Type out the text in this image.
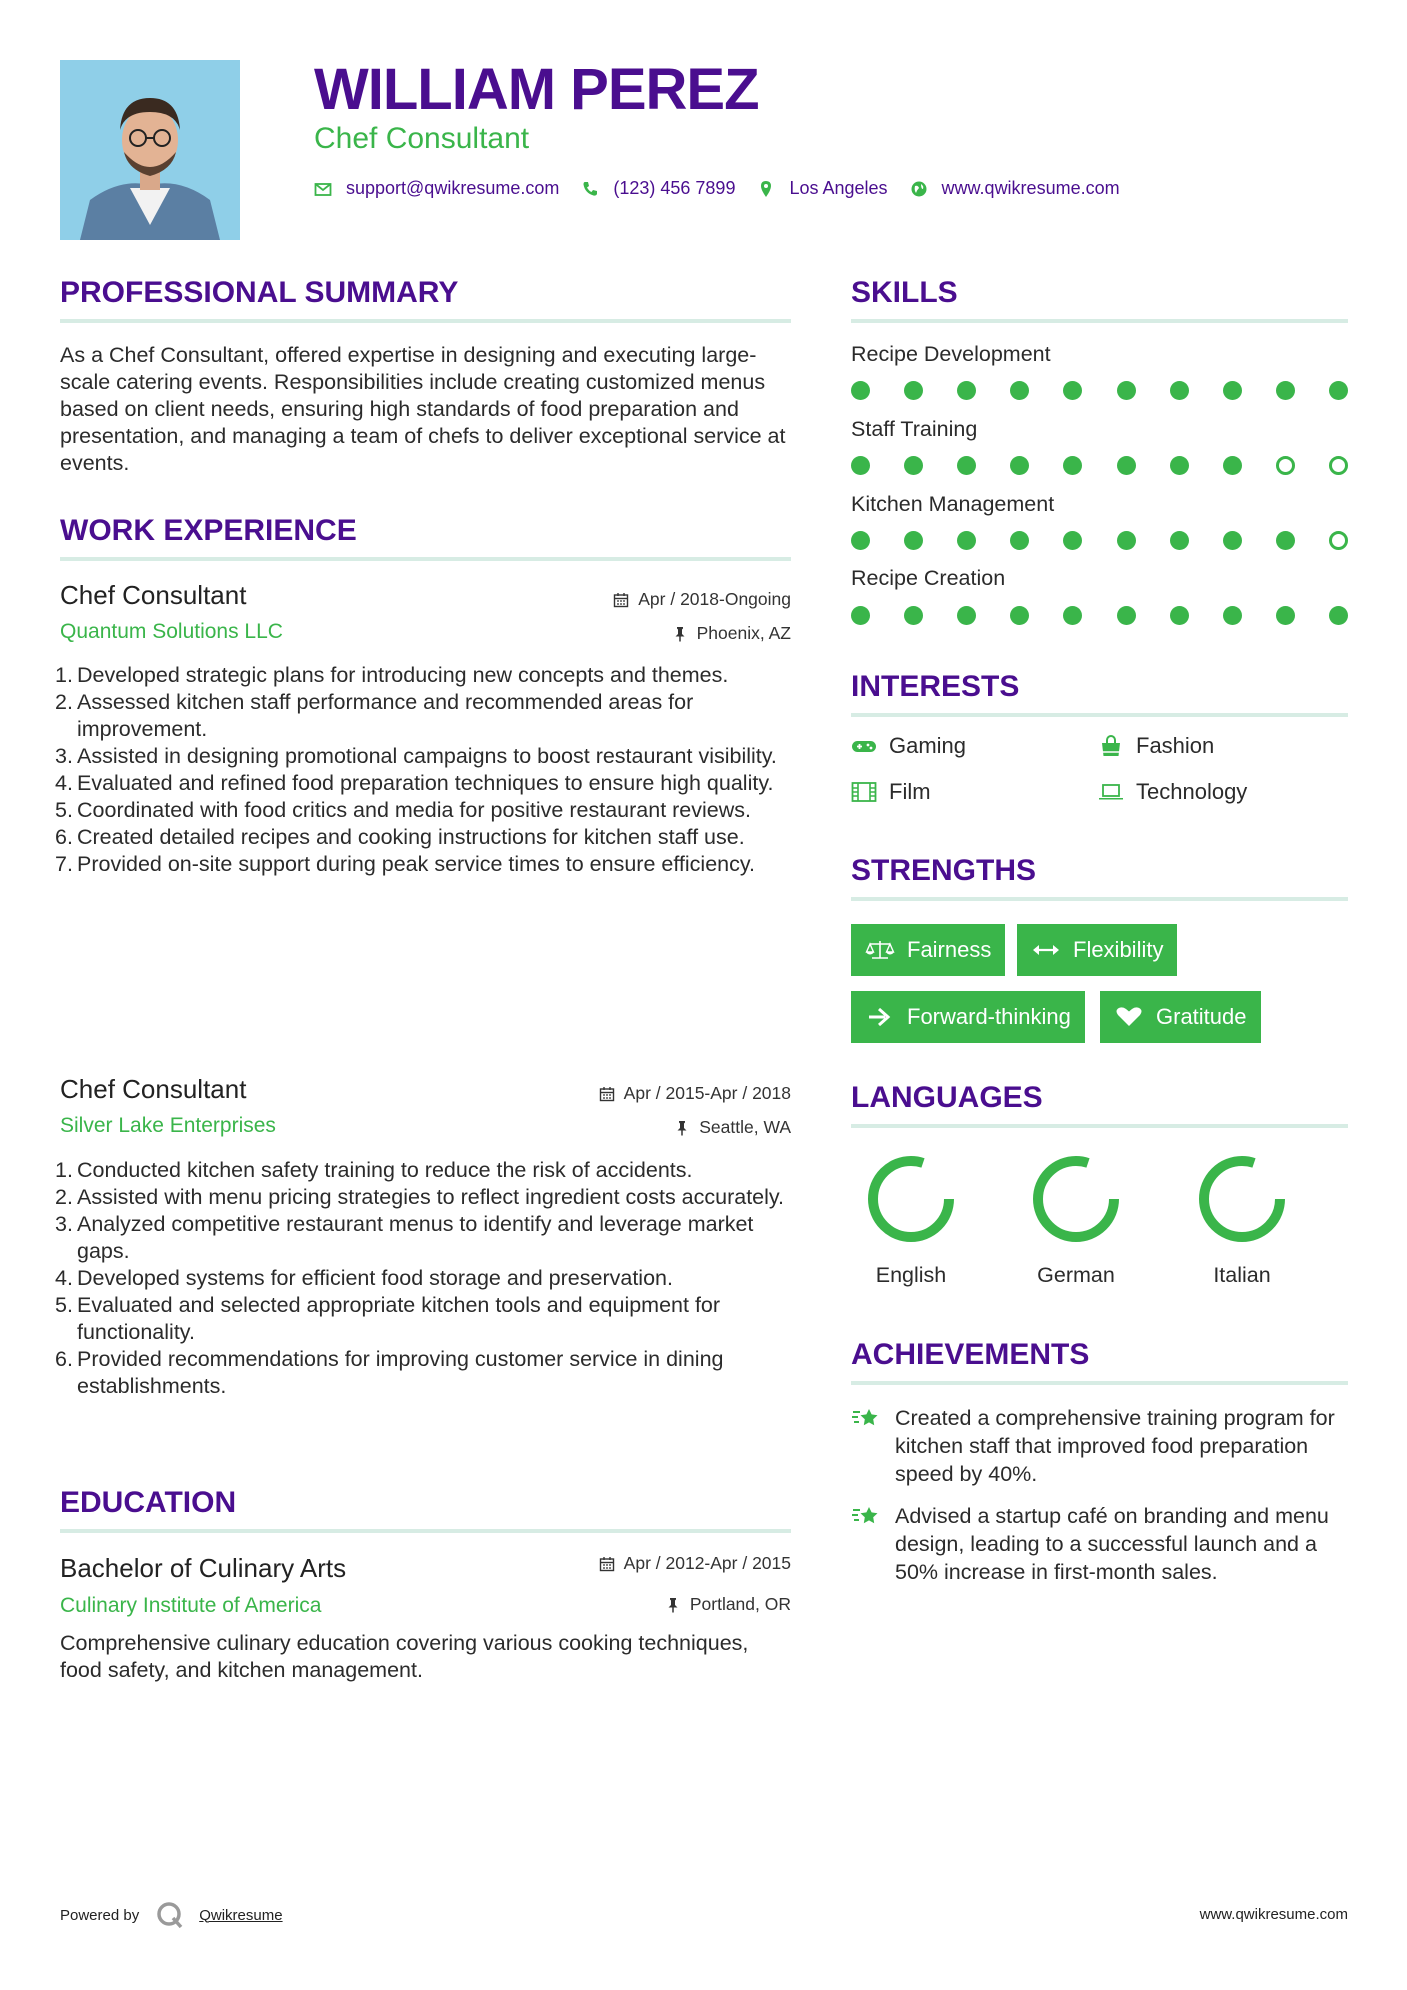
WILLIAM PEREZ
Chef Consultant
support@qwikresume.com	(123) 456 7899	Los Angeles	www.qwikresume.com
PROFESSIONAL SUMMARY
As a Chef Consultant, offered expertise in designing and executing large-scale catering events. Responsibilities include creating customized menus based on client needs, ensuring high standards of food preparation and presentation, and managing a team of chefs to deliver exceptional service at events.
WORK EXPERIENCE
Chef Consultant
Quantum Solutions LLC
Apr / 2018-Ongoing
Phoenix, AZ
1. Developed strategic plans for introducing new concepts and themes.
2. Assessed kitchen staff performance and recommended areas for improvement.
3. Assisted in designing promotional campaigns to boost restaurant visibility.
4. Evaluated and refined food preparation techniques to ensure high quality.
5. Coordinated with food critics and media for positive restaurant reviews.
6. Created detailed recipes and cooking instructions for kitchen staff use.
7. Provided on-site support during peak service times to ensure efficiency.
Chef Consultant
Silver Lake Enterprises
Apr / 2015-Apr / 2018
Seattle, WA
1. Conducted kitchen safety training to reduce the risk of accidents.
2. Assisted with menu pricing strategies to reflect ingredient costs accurately.
3. Analyzed competitive restaurant menus to identify and leverage market gaps.
4. Developed systems for efficient food storage and preservation.
5. Evaluated and selected appropriate kitchen tools and equipment for functionality.
6. Provided recommendations for improving customer service in dining establishments.
EDUCATION
Bachelor of Culinary Arts
Culinary Institute of America
Apr / 2012-Apr / 2015
Portland, OR
Comprehensive culinary education covering various cooking techniques, food safety, and kitchen management.
SKILLS
Recipe Development
Staff Training
Kitchen Management
Recipe Creation
INTERESTS
Gaming	Fashion
Film	Technology
STRENGTHS
Fairness	Flexibility
Forward-thinking	Gratitude
LANGUAGES
English	German	Italian
ACHIEVEMENTS
Created a comprehensive training program for kitchen staff that improved food preparation speed by 40%.
Advised a startup café on branding and menu design, leading to a successful launch and a 50% increase in first-month sales.
Powered by	Qwikresume	www.qwikresume.com
